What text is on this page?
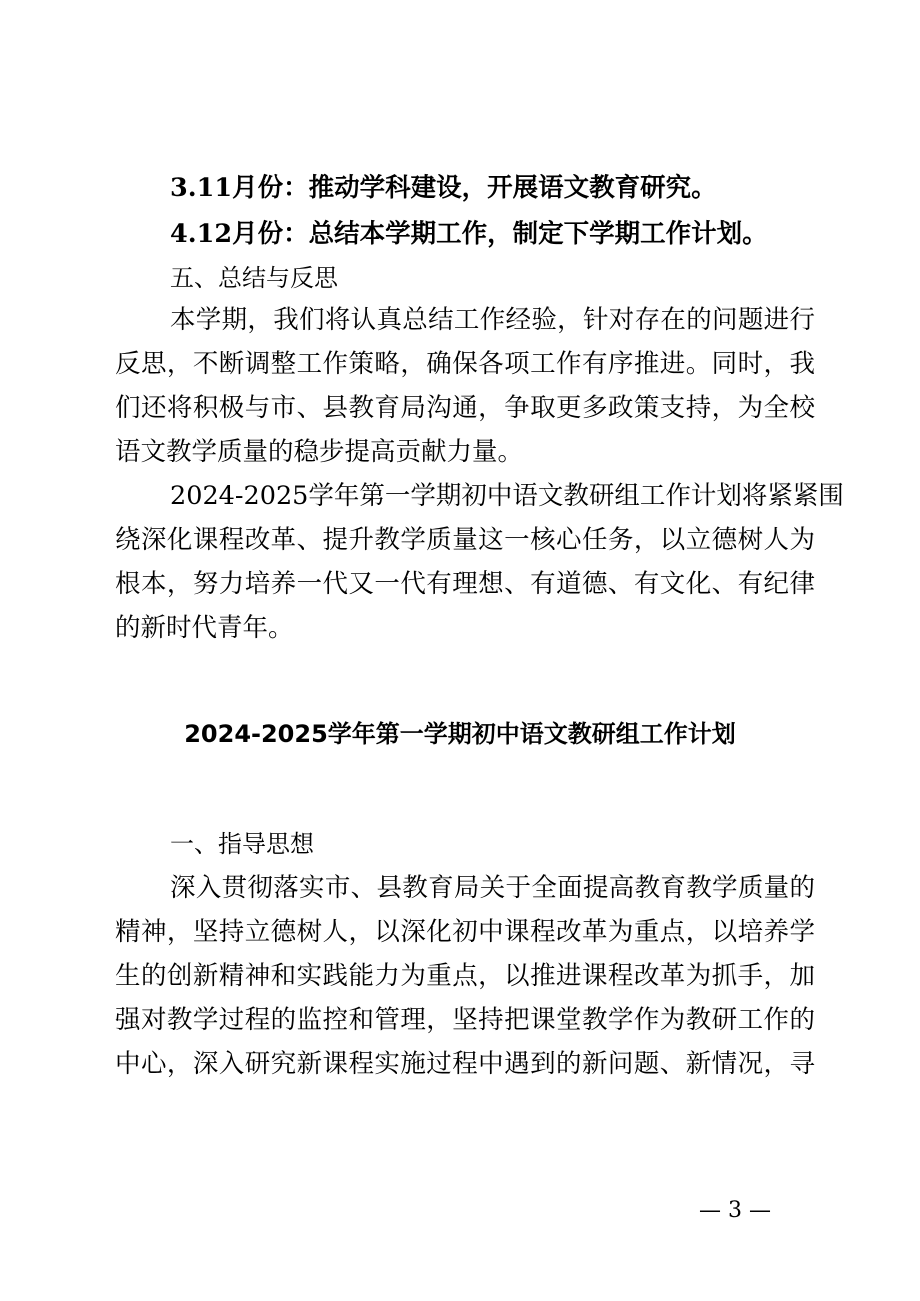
3.11月份：推动学科建设，开展语文教育研究。
4.12月份：总结本学期工作，制定下学期工作计划。
五、总结与反思
本学期，我们将认真总结工作经验，针对存在的问题进行
反思，不断调整工作策略，确保各项工作有序推进。同时，我
们还将积极与市、县教育局沟通，争取更多政策支持，为全校
语文教学质量的稳步提高贡献力量。
2024-2025学年第一学期初中语文教研组工作计划将紧紧围
绕深化课程改革、提升教学质量这一核心任务，以立德树人为
根本，努力培养一代又一代有理想、有道德、有文化、有纪律
的新时代青年。
2024-2025学年第一学期初中语文教研组工作计划
一、指导思想
深入贯彻落实市、县教育局关于全面提高教育教学质量的
精神，坚持立德树人，以深化初中课程改革为重点，以培养学
生的创新精神和实践能力为重点，以推进课程改革为抓手，加
强对教学过程的监控和管理，坚持把课堂教学作为教研工作的
中心，深入研究新课程实施过程中遇到的新问题、新情况，寻
— 3 —
